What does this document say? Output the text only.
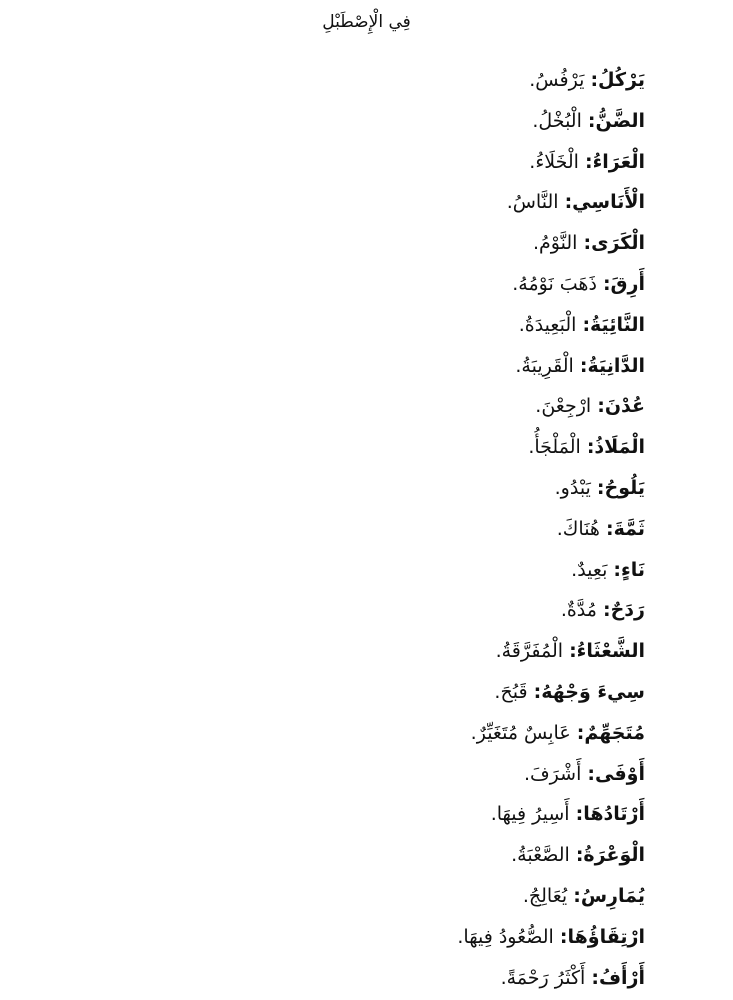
فِي الْإِصْطَبْلِ
يَرْكُلُ: يَرْفُسُ.
الضَّنُّ: الْبُخْلُ.
الْعَرَاءُ: الْخَلَاءُ.
الْأَنَاسِي: النَّاسُ.
الْكَرَى: النَّوْمُ.
أَرِقَ: ذَهَبَ نَوْمُهُ.
النَّائِيَةُ: الْبَعِيدَةُ.
الدَّانِيَةُ: الْقَرِيبَةُ.
عُدْنَ: ارْجِعْنَ.
الْمَلَاذُ: الْمَلْجَأُ.
يَلُوحُ: يَبْدُو.
ثَمَّةَ: هُنَاكَ.
نَاءٍ: بَعِيدٌ.
رَدَحٌ: مُدَّةٌ.
الشَّعْثَاءُ: الْمُفَرَّقَةُ.
سِيءَ وَجْهُهُ: قَبُحَ.
مُتَجَهِّمٌ: عَابِسٌ مُتَغَيِّرٌ.
أَوْفَى: أَشْرَفَ.
أَرْتَادُهَا: أَسِيرُ فِيهَا.
الْوَعْرَةُ: الصَّعْبَةُ.
يُمَارِسُ: يُعَالِجُ.
ارْتِقَاؤُهَا: الصُّعُودُ فِيهَا.
أَرْأَفُ: أَكْثَرُ رَحْمَةً.
